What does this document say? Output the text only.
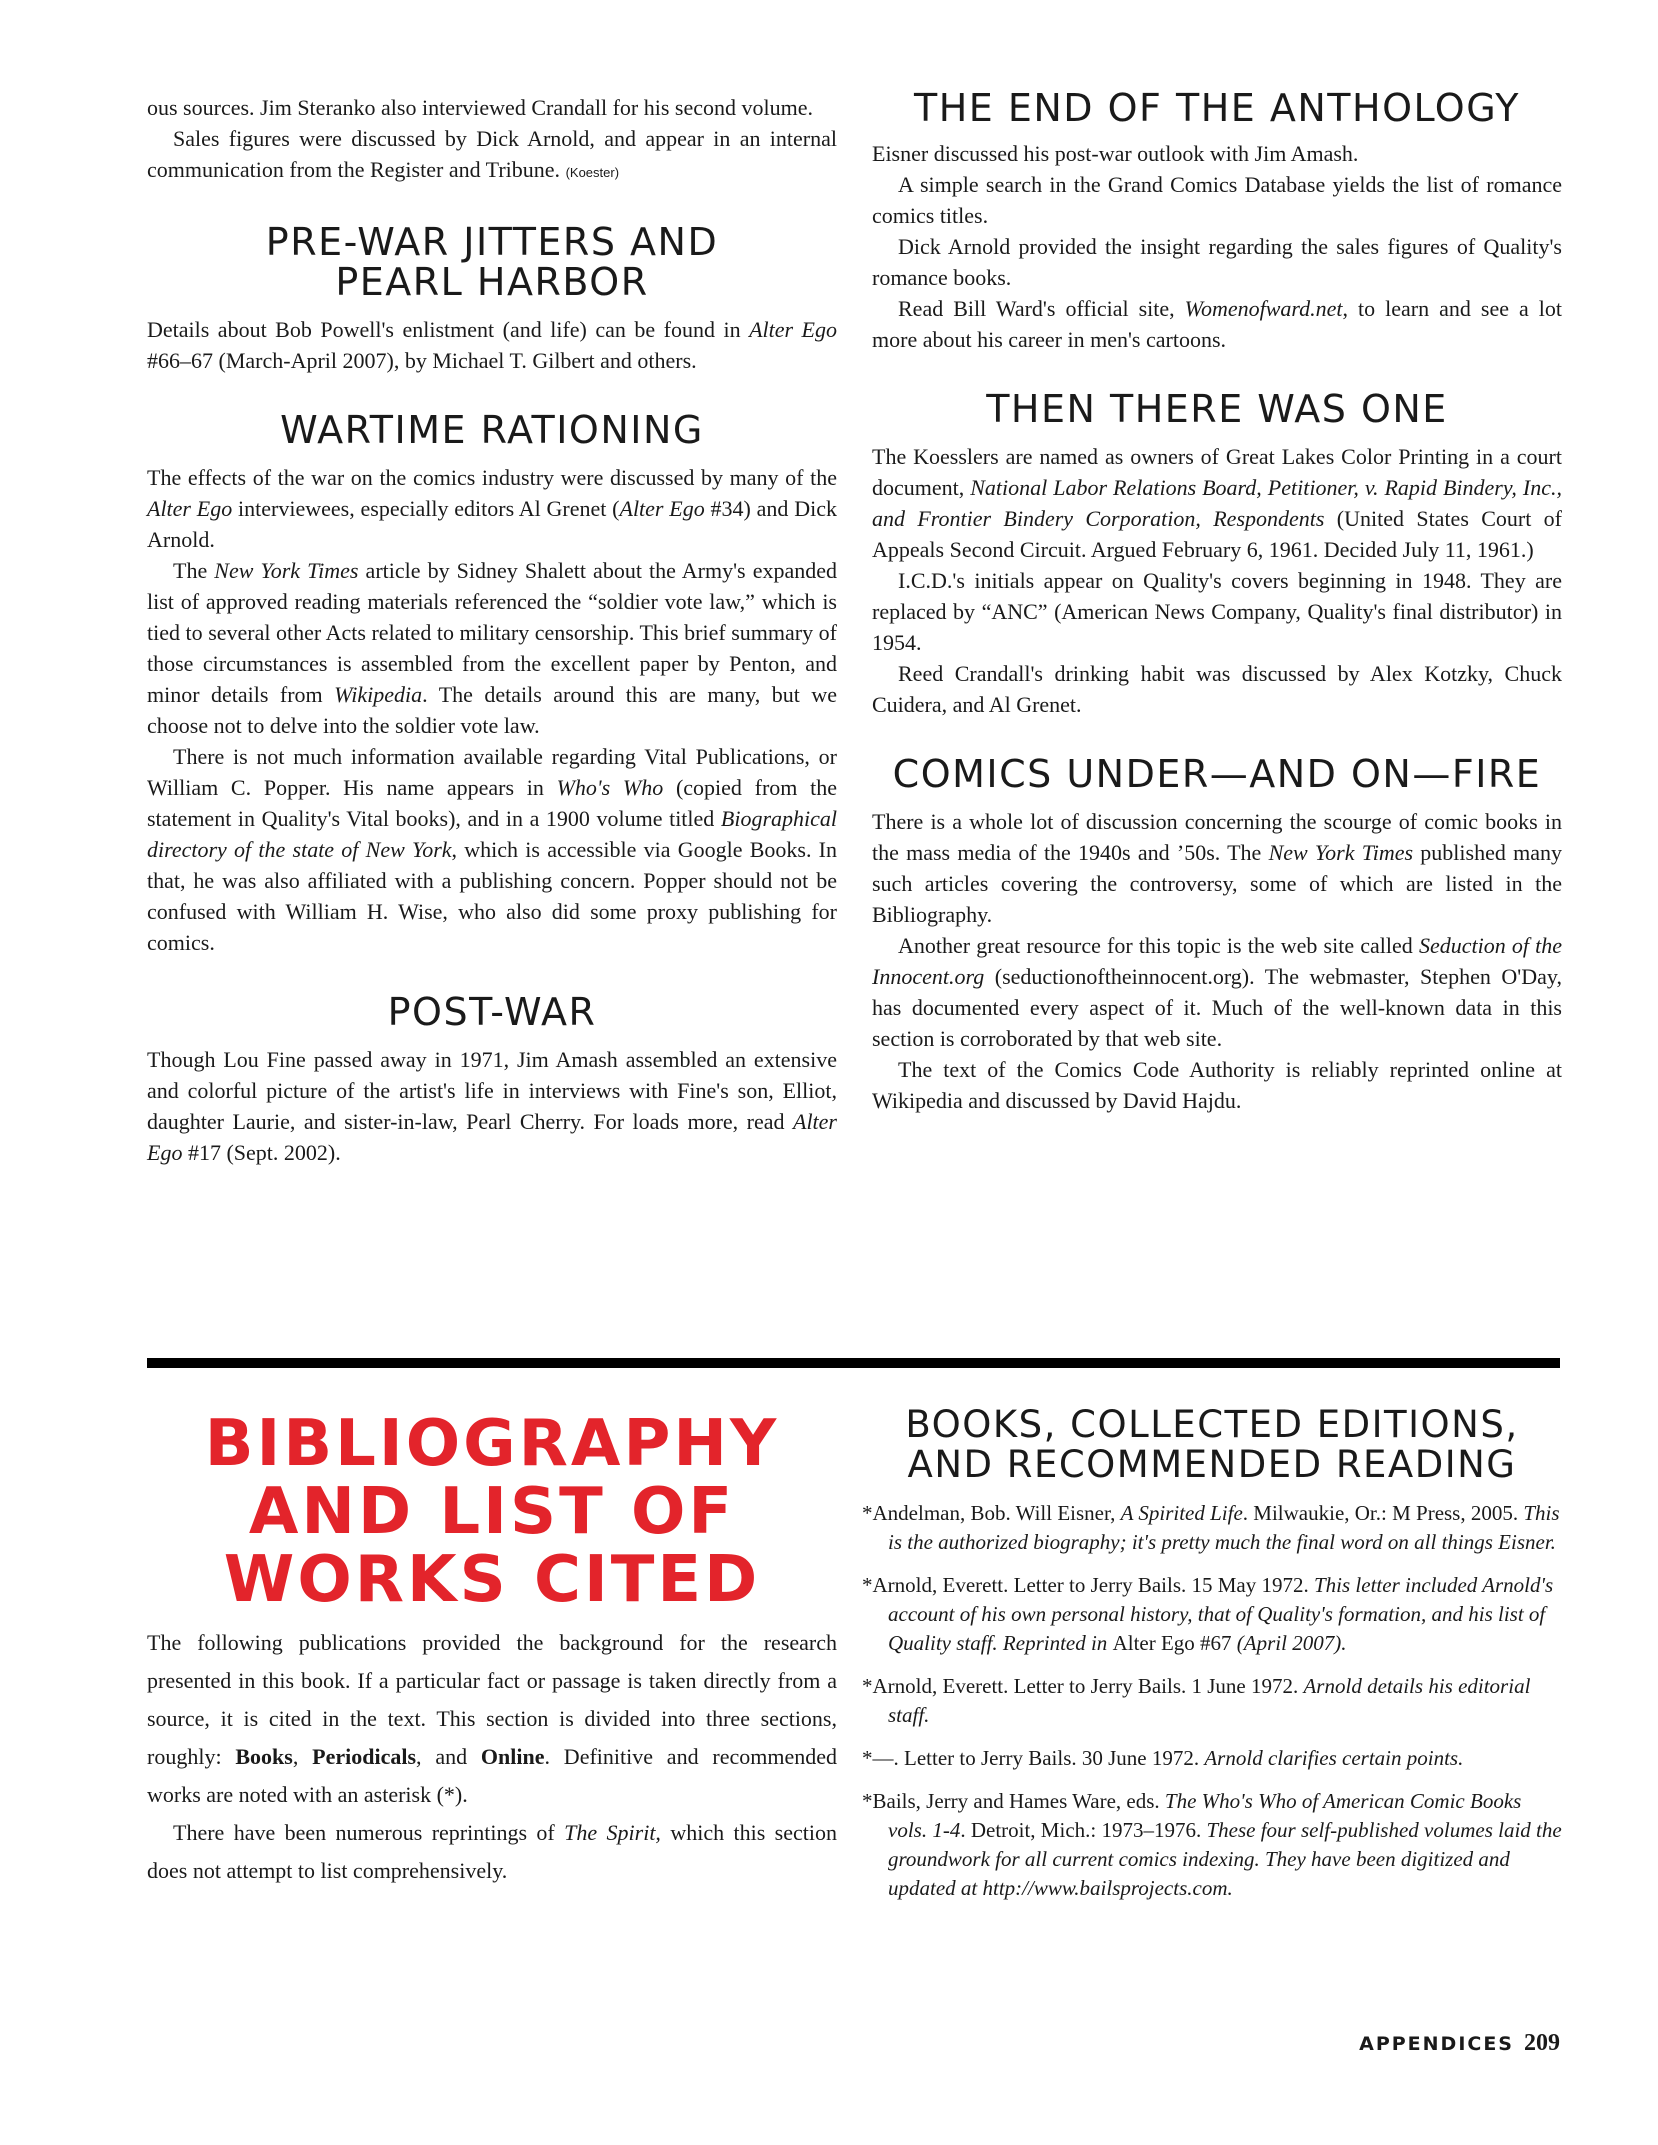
ous sources. Jim Steranko also interviewed Crandall for his second volume.

Sales figures were discussed by Dick Arnold, and appear in an internal communication from the Register and Tribune. (Koester)

PRE-WAR JITTERS AND
PEARL HARBOR

Details about Bob Powell's enlistment (and life) can be found in Alter Ego #66–67 (March-April 2007), by Michael T. Gilbert and others.

WARTIME RATIONING

The effects of the war on the comics industry were discussed by many of the Alter Ego interviewees, especially editors Al Grenet (Alter Ego #34) and Dick Arnold.

The New York Times article by Sidney Shalett about the Army's expanded list of approved reading materials referenced the “soldier vote law,” which is tied to several other Acts related to military censorship. This brief summary of those circumstances is assembled from the excellent paper by Penton, and minor details from Wikipedia. The details around this are many, but we choose not to delve into the soldier vote law.

There is not much information available regarding Vital Publications, or William C. Popper. His name appears in Who's Who (copied from the statement in Quality's Vital books), and in a 1900 volume titled Biographical directory of the state of New York, which is accessible via Google Books. In that, he was also affiliated with a publishing concern. Popper should not be confused with William H. Wise, who also did some proxy publishing for comics.

POST-WAR

Though Lou Fine passed away in 1971, Jim Amash assembled an extensive and colorful picture of the artist's life in interviews with Fine's son, Elliot, daughter Laurie, and sister-in-law, Pearl Cherry. For loads more, read Alter Ego #17 (Sept. 2002).

THE END OF THE ANTHOLOGY

Eisner discussed his post-war outlook with Jim Amash.

A simple search in the Grand Comics Database yields the list of romance comics titles.

Dick Arnold provided the insight regarding the sales figures of Quality's romance books.

Read Bill Ward's official site, Womenofward.net, to learn and see a lot more about his career in men's cartoons.

THEN THERE WAS ONE

The Koesslers are named as owners of Great Lakes Color Printing in a court document, National Labor Relations Board, Petitioner, v. Rapid Bindery, Inc., and Frontier Bindery Corporation, Respondents (United States Court of Appeals Second Circuit. Argued February 6, 1961. Decided July 11, 1961.)

I.C.D.'s initials appear on Quality's covers beginning in 1948. They are replaced by “ANC” (American News Company, Quality's final distributor) in 1954.

Reed Crandall's drinking habit was discussed by Alex Kotzky, Chuck Cuidera, and Al Grenet.

COMICS UNDER—AND ON—FIRE

There is a whole lot of discussion concerning the scourge of comic books in the mass media of the 1940s and ’50s. The New York Times published many such articles covering the controversy, some of which are listed in the Bibliography.

Another great resource for this topic is the web site called Seduction of the Innocent.org (seductionoftheinnocent.org). The webmaster, Stephen O'Day, has documented every aspect of it. Much of the well-known data in this section is corroborated by that web site.

The text of the Comics Code Authority is reliably reprinted online at Wikipedia and discussed by David Hajdu.

BIBLIOGRAPHY
AND LIST OF
WORKS CITED

The following publications provided the background for the research presented in this book. If a particular fact or passage is taken directly from a source, it is cited in the text. This section is divided into three sections, roughly: Books, Periodicals, and Online. Definitive and recommended works are noted with an asterisk (*).

There have been numerous reprintings of The Spirit, which this section does not attempt to list comprehensively.

BOOKS, COLLECTED EDITIONS,
AND RECOMMENDED READING

*Andelman, Bob. Will Eisner, A Spirited Life. Milwaukie, Or.: M Press, 2005. This is the authorized biography; it's pretty much the final word on all things Eisner.

*Arnold, Everett. Letter to Jerry Bails. 15 May 1972. This letter included Arnold's account of his own personal history, that of Quality's formation, and his list of Quality staff. Reprinted in Alter Ego #67 (April 2007).

*Arnold, Everett. Letter to Jerry Bails. 1 June 1972. Arnold details his editorial staff.

*—. Letter to Jerry Bails. 30 June 1972. Arnold clarifies certain points.

*Bails, Jerry and Hames Ware, eds. The Who's Who of American Comic Books vols. 1-4. Detroit, Mich.: 1973–1976. These four self-published volumes laid the groundwork for all current comics indexing. They have been digitized and updated at http://www.bailsprojects.com.

APPENDICES 209
